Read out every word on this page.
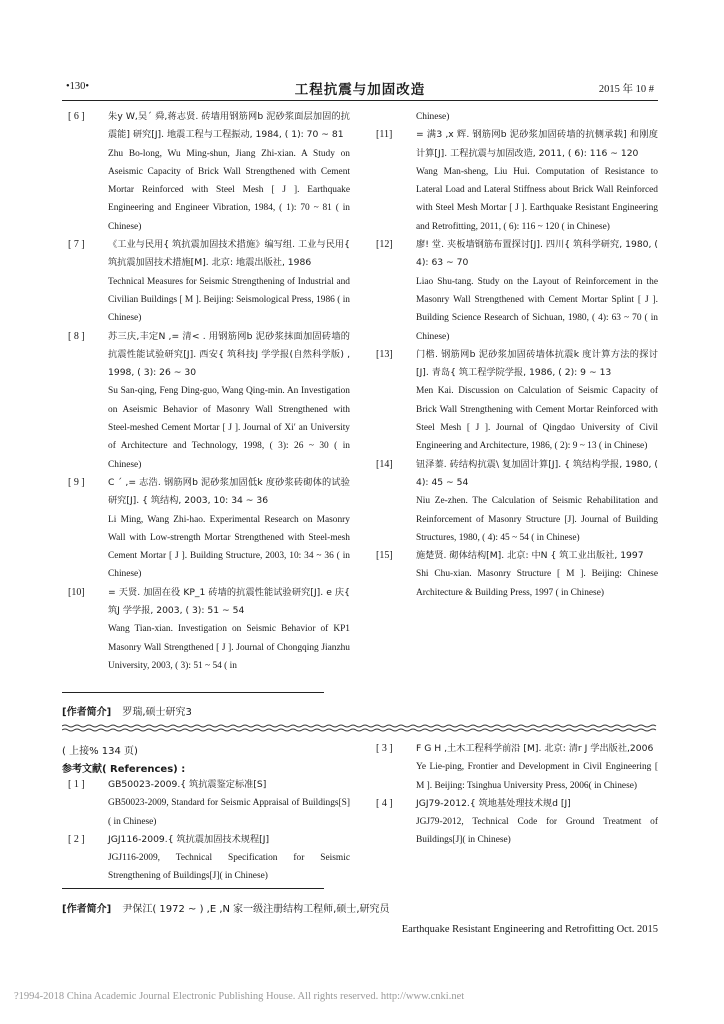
•130•	工程抗震与加固改造	2015 年 10 #
[ 6 ]	朱y W,吴ˊ 舜,蒋志贤. 砖墙用钢筋网b 泥砂浆面层加固的抗震能] 研究[J]. 地震工程与工程振动, 1984, ( 1): 70 ~ 81
Zhu Bo-long, Wu Ming-shun, Jiang Zhi-xian. A Study on Aseismic Capacity of Brick Wall Strengthened with Cement Mortar Reinforced with Steel Mesh [ J ]. Earthquake Engineering and Engineer Vibration, 1984, ( 1): 70 ~ 81 ( in Chinese)
[ 7 ]	《工业与民用{ 筑抗震加固技术措施》编写组. 工业与民用{ 筑抗震加固技术措施[M]. 北京: 地震出版社, 1986
Technical Measures for Seismic Strengthening of Industrial and Civilian Buildings [ M ]. Beijing: Seismological Press, 1986 ( in Chinese)
[ 8 ]	苏三庆,丰定N ,= 清< . 用钢筋网b 泥砂浆抹面加固砖墙的抗震性能试验研究[J]. 西安{ 筑科技J 学学报(自然科学版) , 1998, ( 3): 26 ~ 30
Su San-qing, Feng Ding-guo, Wang Qing-min. An Investigation on Aseismic Behavior of Masonry Wall Strengthened with Steel-meshed Cement Mortar [ J ]. Journal of Xi′ an University of Architecture and Technology, 1998, ( 3): 26 ~ 30 ( in Chinese)
[ 9 ]	C ˊ ,= 志浩. 钢筋网b 泥砂浆加固低k 度砂浆砖砌体的试验研究[J]. { 筑结构, 2003, 10: 34 ~ 36
Li Ming, Wang Zhi-hao. Experimental Research on Masonry Wall with Low-strength Mortar Strengthened with Steel-mesh Cement Mortar [ J ]. Building Structure, 2003, 10: 34 ~ 36 ( in Chinese)
[10]	= 天贤. 加固在役 KP_1 砖墙的抗震性能试验研究[J]. e 庆{ 筑J 学学报, 2003, ( 3): 51 ~ 54
Wang Tian-xian. Investigation on Seismic Behavior of KP1 Masonry Wall Strengthened [ J ]. Journal of Chongqing Jianzhu University, 2003, ( 3): 51 ~ 54 ( in
Chinese)
[11]	= 满3 ,x 辉. 钢筋网b 泥砂浆加固砖墙的抗侧承载] 和刚度计算[J]. 工程抗震与加固改造, 2011, ( 6): 116 ~ 120
Wang Man-sheng, Liu Hui. Computation of Resistance to Lateral Load and Lateral Stiffness about Brick Wall Reinforced with Steel Mesh Mortar [ J ]. Earthquake Resistant Engineering and Retrofitting, 2011, ( 6): 116 ~ 120 ( in Chinese)
[12]	廖! 堂. 夹板墙钢筋布置探讨[J]. 四川{ 筑科学研究, 1980, ( 4): 63 ~ 70
Liao Shu-tang. Study on the Layout of Reinforcement in the Masonry Wall Strengthened with Cement Mortar Splint [ J ]. Building Science Research of Sichuan, 1980, ( 4): 63 ~ 70 ( in Chinese)
[13]	门楷. 钢筋网b 泥砂浆加固砖墙体抗震k 度计算方法的探讨[J]. 青岛{ 筑工程学院学报, 1986, ( 2): 9 ~ 13
Men Kai. Discussion on Calculation of Seismic Capacity of Brick Wall Strengthening with Cement Mortar Reinforced with Steel Mesh [ J ]. Journal of Qingdao University of Civil Engineering and Architecture, 1986, ( 2): 9 ~ 13 ( in Chinese)
[14]	钮泽蓁. 砖结构抗震\ 复加固计算[J]. { 筑结构学报, 1980, ( 4): 45 ~ 54
Niu Ze-zhen. The Calculation of Seismic Rehabilitation and Reinforcement of Masonry Structure [J]. Journal of Building Structures, 1980, ( 4): 45 ~ 54 ( in Chinese)
[15]	施楚贤. 砌体结构[M]. 北京: 中N { 筑工业出版社, 1997
Shi Chu-xian. Masonry Structure [ M ]. Beijing: Chinese Architecture & Building Press, 1997 ( in Chinese)
[作者简介] 罗瑞,硕士研究3
( 上接% 134 页)
参考文献( References) :
[ 1 ]	GB50023-2009.{ 筑抗震鉴定标准[S]
GB50023-2009, Standard for Seismic Appraisal of Buildings[S]( in Chinese)
[ 2 ]	JGJ116-2009.{ 筑抗震加固技术规程[J]
JGJ116-2009, Technical Specification for Seismic Strengthening of Buildings[J]( in Chinese)
[ 3 ]	F G H ,土木工程科学前沿 [M]. 北京: 清r J 学出版社,2006
Ye Lie-ping, Frontier and Development in Civil Engineering [ M ]. Beijing: Tsinghua University Press, 2006( in Chinese)
[ 4 ]	JGJ79-2012.{ 筑地基处理技术规d [J]
JGJ79-2012, Technical Code for Ground Treatment of Buildings[J]( in Chinese)
[作者简介] 尹保江( 1972 ~ ) ,E ,N 家一级注册结构工程师,硕士,研究员
Earthquake Resistant Engineering and Retrofitting Oct. 2015
?1994-2018 China Academic Journal Electronic Publishing House. All rights reserved. http://www.cnki.net
